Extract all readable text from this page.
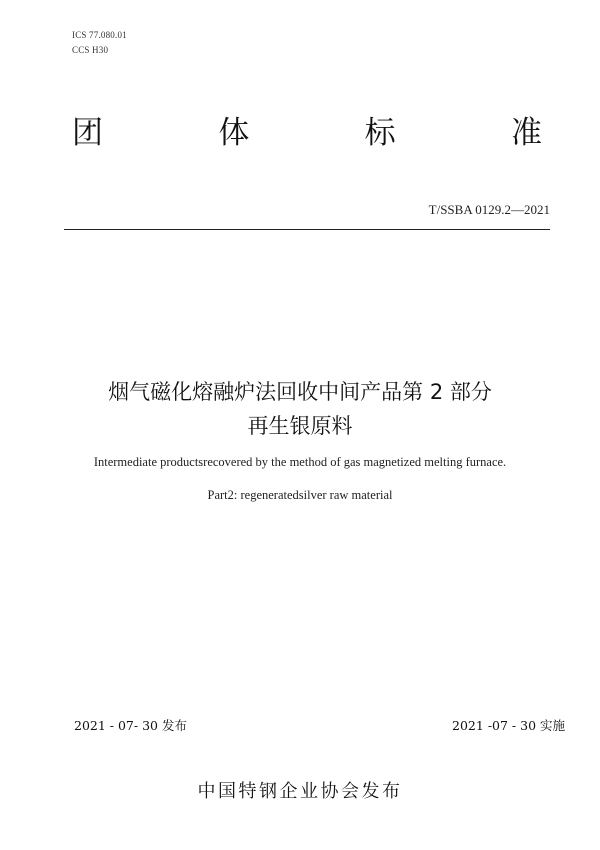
ICS 77.080.01
CCS H30
团	体	标	准
T/SSBA 0129.2—2021
烟气磁化熔融炉法回收中间产品第 2 部分
再生银原料
Intermediate productsrecovered by the method of gas magnetized melting furnace.
Part2: regeneratedsilver raw material
2021 - 07- 30 发布	2021 -07 - 30 实施
中国特钢企业协会发布
